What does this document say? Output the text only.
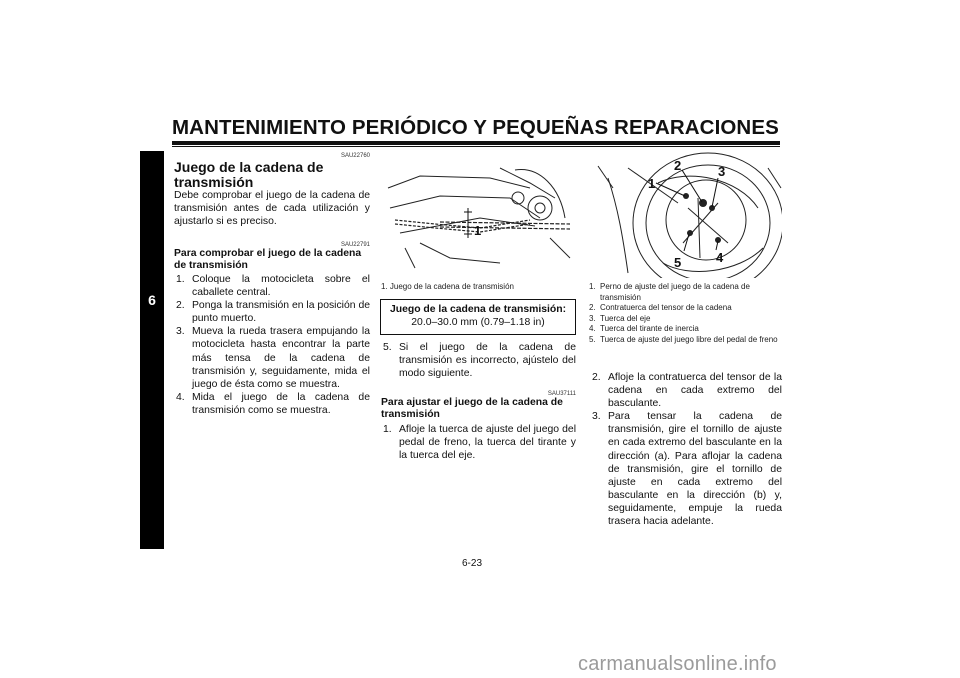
MANTENIMIENTO PERIÓDICO Y PEQUEÑAS REPARACIONES
6
SAU22760
Juego de la cadena de
transmisión
Debe comprobar el juego de la cadena de transmisión antes de cada utilización y ajustarlo si es preciso.
SAU22791
Para comprobar el juego de la cadena de transmisión
1. Coloque la motocicleta sobre el caballete central.
2. Ponga la transmisión en la posición de punto muerto.
3. Mueva la rueda trasera empujando la motocicleta hasta encontrar la parte más tensa de la cadena de transmisión y, seguidamente, mida el juego de ésta como se muestra.
4. Mida el juego de la cadena de transmisión como se muestra.
1
1. Juego de la cadena de transmisión
Juego de la cadena de transmisión:
20.0–30.0 mm (0.79–1.18 in)
5. Si el juego de la cadena de transmisión es incorrecto, ajústelo del modo siguiente.
SAU37111
Para ajustar el juego de la cadena de transmisión
1. Afloje la tuerca de ajuste del juego del pedal de freno, la tuerca del tirante y la tuerca del eje.
1
2	3
4
5
1. Perno de ajuste del juego de la cadena de transmisión
2. Contratuerca del tensor de la cadena
3. Tuerca del eje
4. Tuerca del tirante de inercia
5. Tuerca de ajuste del juego libre del pedal de freno
2. Afloje la contratuerca del tensor de la cadena en cada extremo del basculante.
3. Para tensar la cadena de transmisión, gire el tornillo de ajuste en cada extremo del basculante en la dirección (a). Para aflojar la cadena de transmisión, gire el tornillo de ajuste en cada extremo del basculante en la dirección (b) y, seguidamente, empuje la rueda trasera hacia adelante.
6-23
carmanualsonline.info
